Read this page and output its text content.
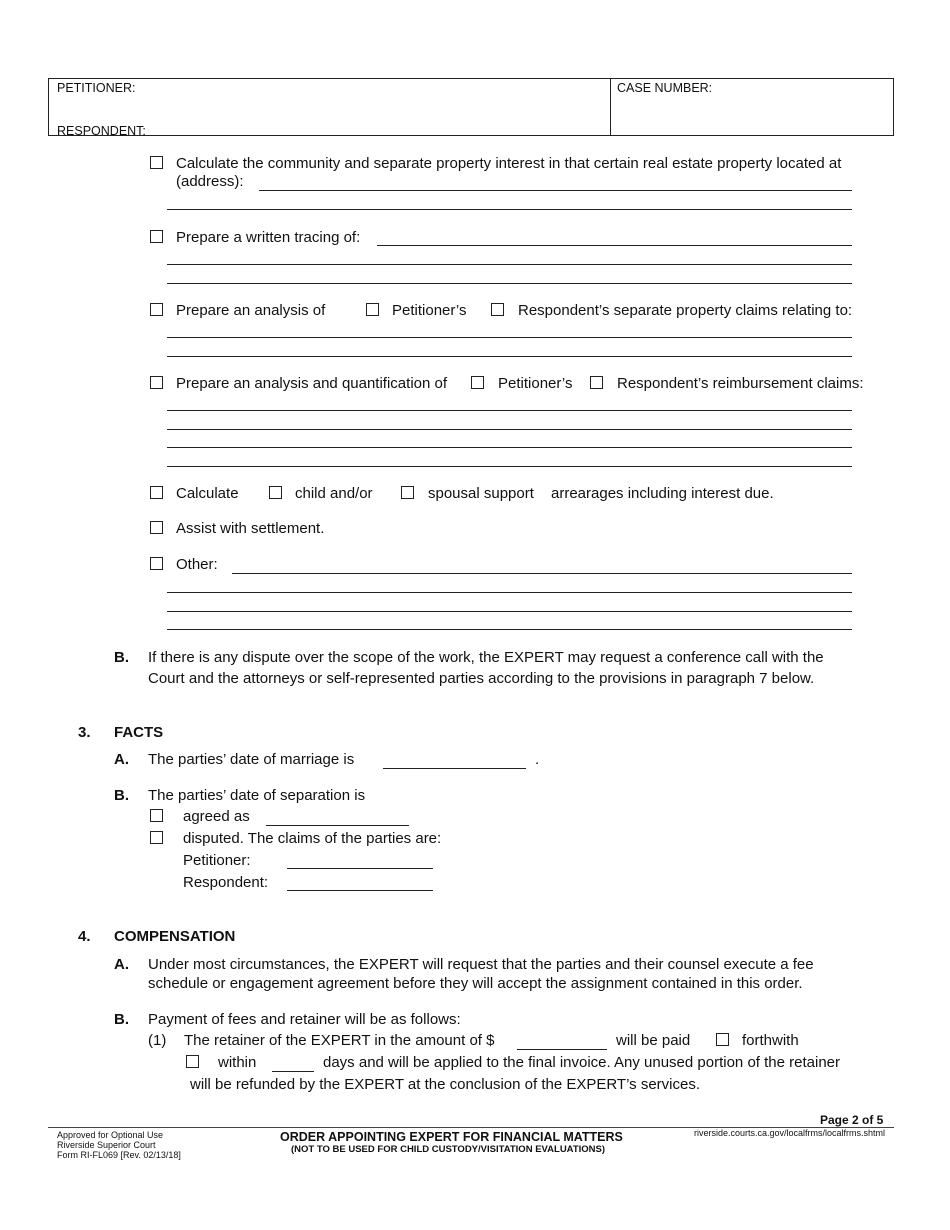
PETITIONER:
RESPONDENT:
CASE NUMBER:
Calculate the community and separate property interest in that certain real estate property located at
(address):
Prepare a written tracing of:
Prepare an analysis of	Petitioner’s	Respondent’s separate property claims relating to:
Prepare an analysis and quantification of	Petitioner’s	Respondent’s reimbursement claims:
Calculate	child and/or	spousal support arrearages including interest due.
Assist with settlement.
Other:
B. If there is any dispute over the scope of the work, the EXPERT may request a conference call with the
Court and the attorneys or self-represented parties according to the provisions in paragraph 7 below.
3. FACTS
A. The parties’ date of marriage is	.
B. The parties’ date of separation is
agreed as
disputed. The claims of the parties are:
Petitioner:
Respondent:
4. COMPENSATION
A. Under most circumstances, the EXPERT will request that the parties and their counsel execute a fee
schedule or engagement agreement before they will accept the assignment contained in this order.
B. Payment of fees and retainer will be as follows:
(1) The retainer of the EXPERT in the amount of $	will be paid	forthwith
within	days and will be applied to the final invoice. Any unused portion of the retainer
will be refunded by the EXPERT at the conclusion of the EXPERT’s services.
Page 2 of 5
Approved for Optional Use
Riverside Superior Court
Form RI-FL069 [Rev. 02/13/18]
ORDER APPOINTING EXPERT FOR FINANCIAL MATTERS
(NOT TO BE USED FOR CHILD CUSTODY/VISITATION EVALUATIONS)
riverside.courts.ca.gov/localfrms/localfrms.shtml
